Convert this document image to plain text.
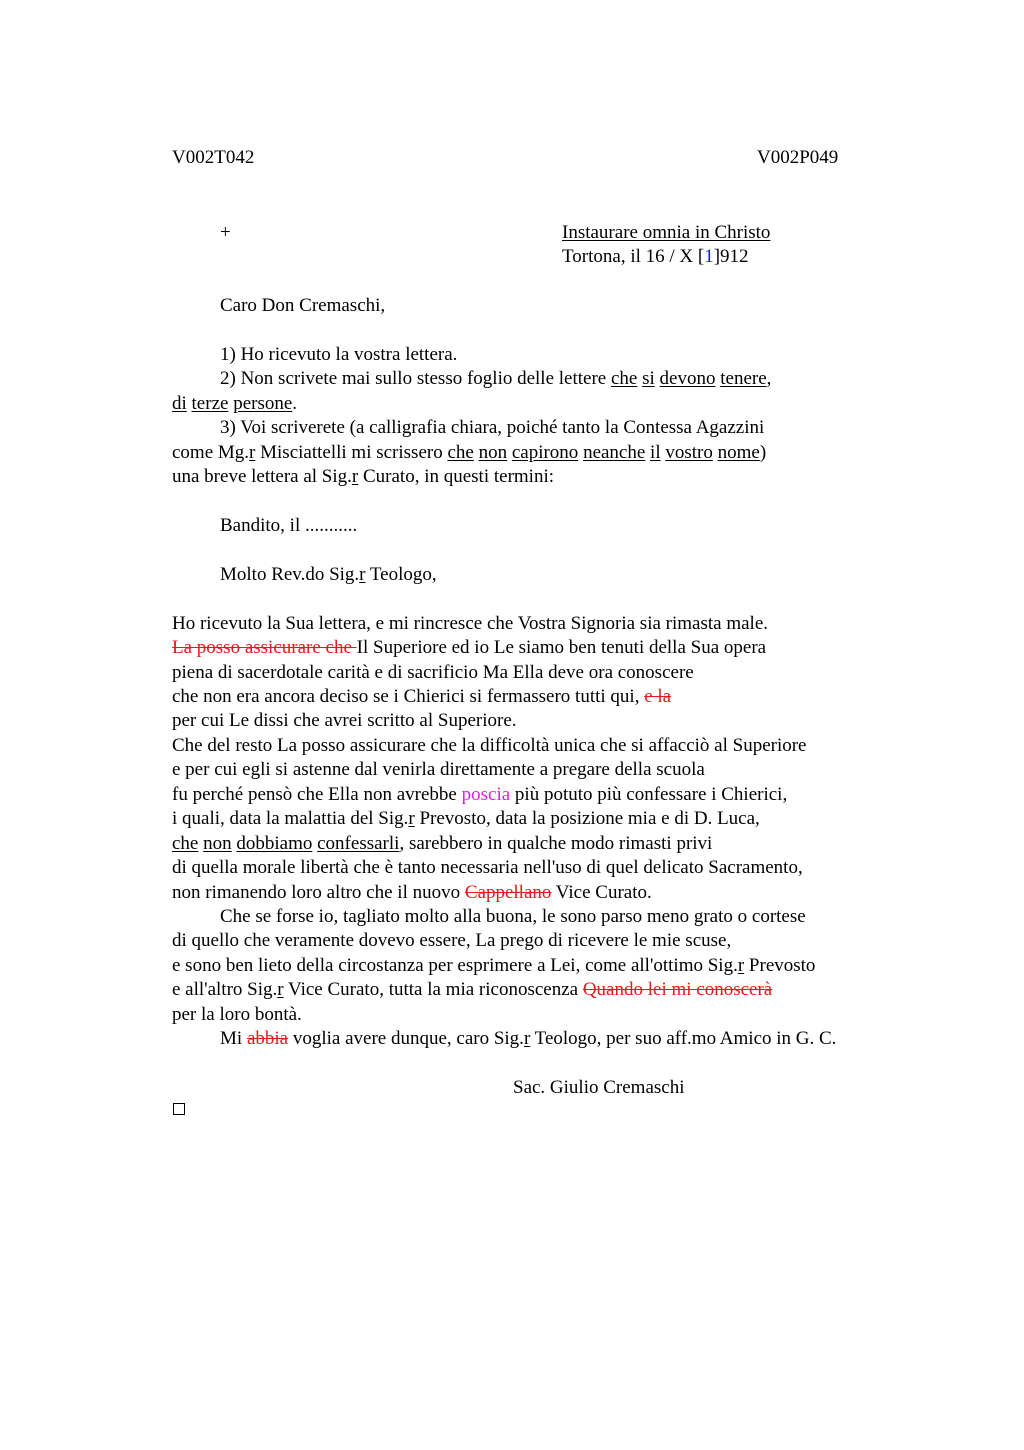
V002T042	V002P049
+	Instaurare omnia in Christo
Tortona, il 16 / X [1]912
Caro Don Cremaschi,
1) Ho ricevuto la vostra lettera.
2) Non scrivete mai sullo stesso foglio delle lettere che si devono tenere,
di terze persone.
3) Voi scriverete (a calligrafia chiara, poiché tanto la Contessa Agazzini
come Mg.r Misciattelli mi scrissero che non capirono neanche il vostro nome)
una breve lettera al Sig.r Curato, in questi termini:
Bandito, il ...........
Molto Rev.do Sig.r Teologo,
Ho ricevuto la Sua lettera, e mi rincresce che Vostra Signoria sia rimasta male.
La posso assicurare che Il Superiore ed io Le siamo ben tenuti della Sua opera
piena di sacerdotale carità e di sacrificio Ma Ella deve ora conoscere
che non era ancora deciso se i Chierici si fermassero tutti qui, e la
per cui Le dissi che avrei scritto al Superiore.
Che del resto La posso assicurare che la difficoltà unica che si affacciò al Superiore
e per cui egli si astenne dal venirla direttamente a pregare della scuola
fu perché pensò che Ella non avrebbe poscia più potuto più confessare i Chierici,
i quali, data la malattia del Sig.r Prevosto, data la posizione mia e di D. Luca,
che non dobbiamo confessarli, sarebbero in qualche modo rimasti privi
di quella morale libertà che è tanto necessaria nell'uso di quel delicato Sacramento,
non rimanendo loro altro che il nuovo Cappellano Vice Curato.
Che se forse io, tagliato molto alla buona, le sono parso meno grato o cortese
di quello che veramente dovevo essere, La prego di ricevere le mie scuse,
e sono ben lieto della circostanza per esprimere a Lei, come all'ottimo Sig.r Prevosto
e all'altro Sig.r Vice Curato, tutta la mia riconoscenza Quando lei mi conoscerà
per la loro bontà.
Mi abbia voglia avere dunque, caro Sig.r Teologo, per suo aff.mo Amico in G. C.
Sac. Giulio Cremaschi
